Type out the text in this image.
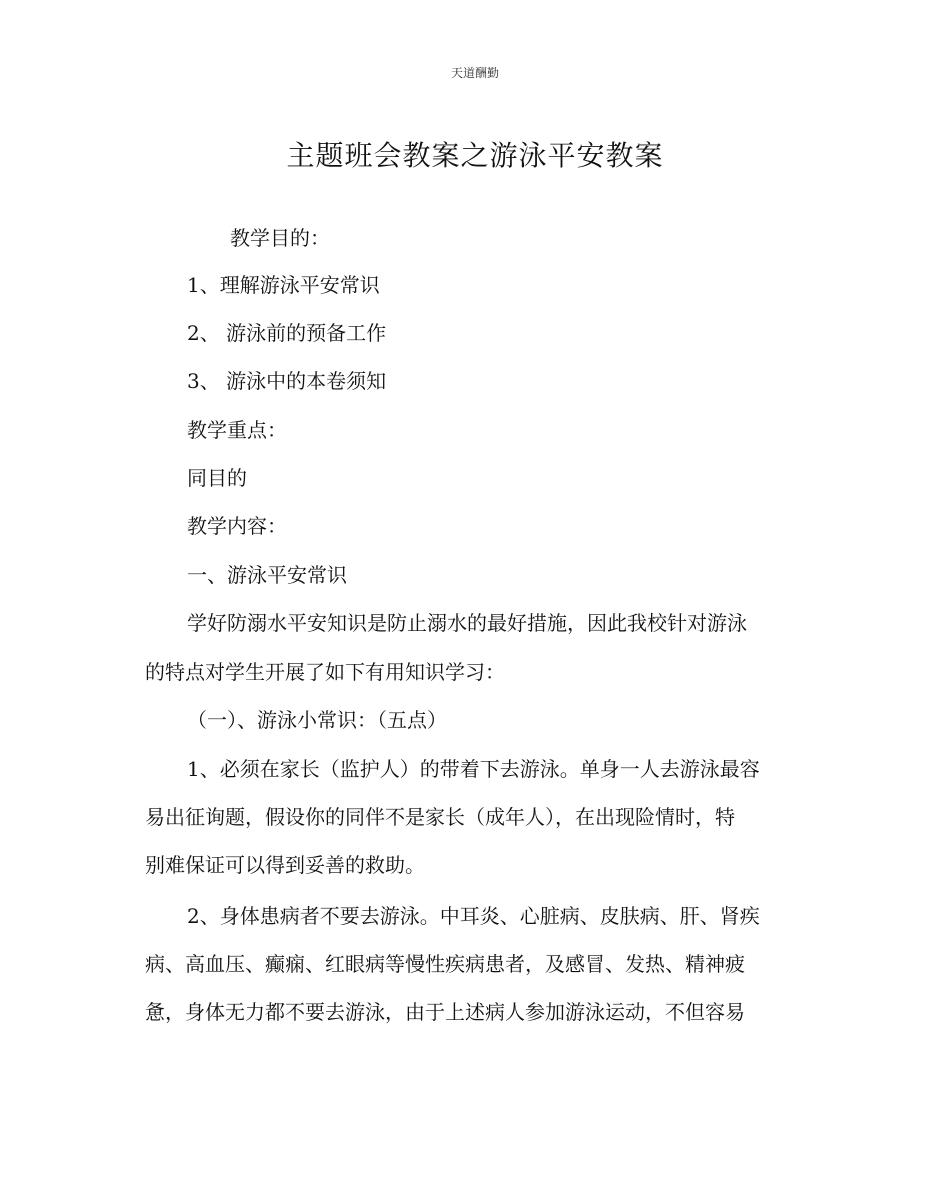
天道酬勤
主题班会教案之游泳平安教案
教学目的：
1、理解游泳平安常识
2、 游泳前的预备工作
3、 游泳中的本卷须知
教学重点：
同目的
教学内容：
一、游泳平安常识
学好防溺水平安知识是防止溺水的最好措施，因此我校针对游泳
的特点对学生开展了如下有用知识学习：
（一）、游泳小常识：（五点）
1、必须在家长（监护人）的带着下去游泳。单身一人去游泳最容
易出征询题，假设你的同伴不是家长（成年人），在出现险情时，特
别难保证可以得到妥善的救助。
2、身体患病者不要去游泳。中耳炎、心脏病、皮肤病、肝、肾疾
病、高血压、癫痫、红眼病等慢性疾病患者，及感冒、发热、精神疲
惫，身体无力都不要去游泳，由于上述病人参加游泳运动，不但容易
